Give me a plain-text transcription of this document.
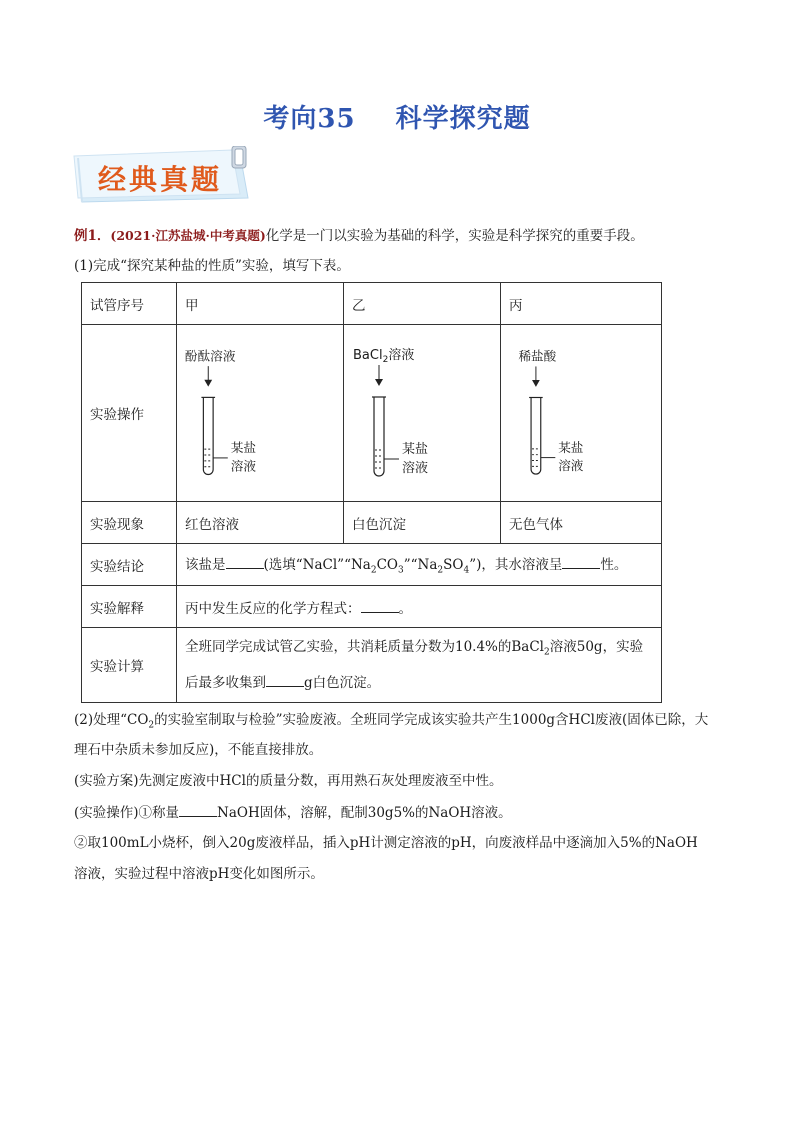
考向35 科学探究题
经典真题
例1．(2021·江苏盐城·中考真题)化学是一门以实验为基础的科学，实验是科学探究的重要手段。
(1)完成“探究某种盐的性质”实验，填写下表。
试管序号	甲	乙	丙
实验操作	酚酞溶液
某盐
溶液	BaCl$_2$溶液
某盐
溶液	稀盐酸
某盐
溶液

实验现象	红色溶液	白色沉淀	无色气体
实验结论	该盐是 (选填“$NaCl”“Na_2CO_3”“Na_2SO_4$”)，其水溶液呈 性。		
实验解释	丙中发生反应的化学方程式： 。		
实验计算	全班同学完成试管乙实验，共消耗质量分数为10.4%的BaCl$_2$溶液50g，实验
后最多收集到 g白色沉淀。		
(2)处理“$CO_2$的实验室制取与检验”实验废液。全班同学完成该实验共产生1000g含HCl废液(固体已除，大
理石中杂质未参加反应)，不能直接排放。
(实验方案)先测定废液中HCl的质量分数，再用熟石灰处理废液至中性。
(实验操作)①称量	NaOH固体，溶解，配制30g5%的NaOH溶液。
②取100mL小烧杯，倒入20g废液样品，插入pH计测定溶液的pH，向废液样品中逐滴加入5%的NaOH
溶液，实验过程中溶液pH变化如图所示。
